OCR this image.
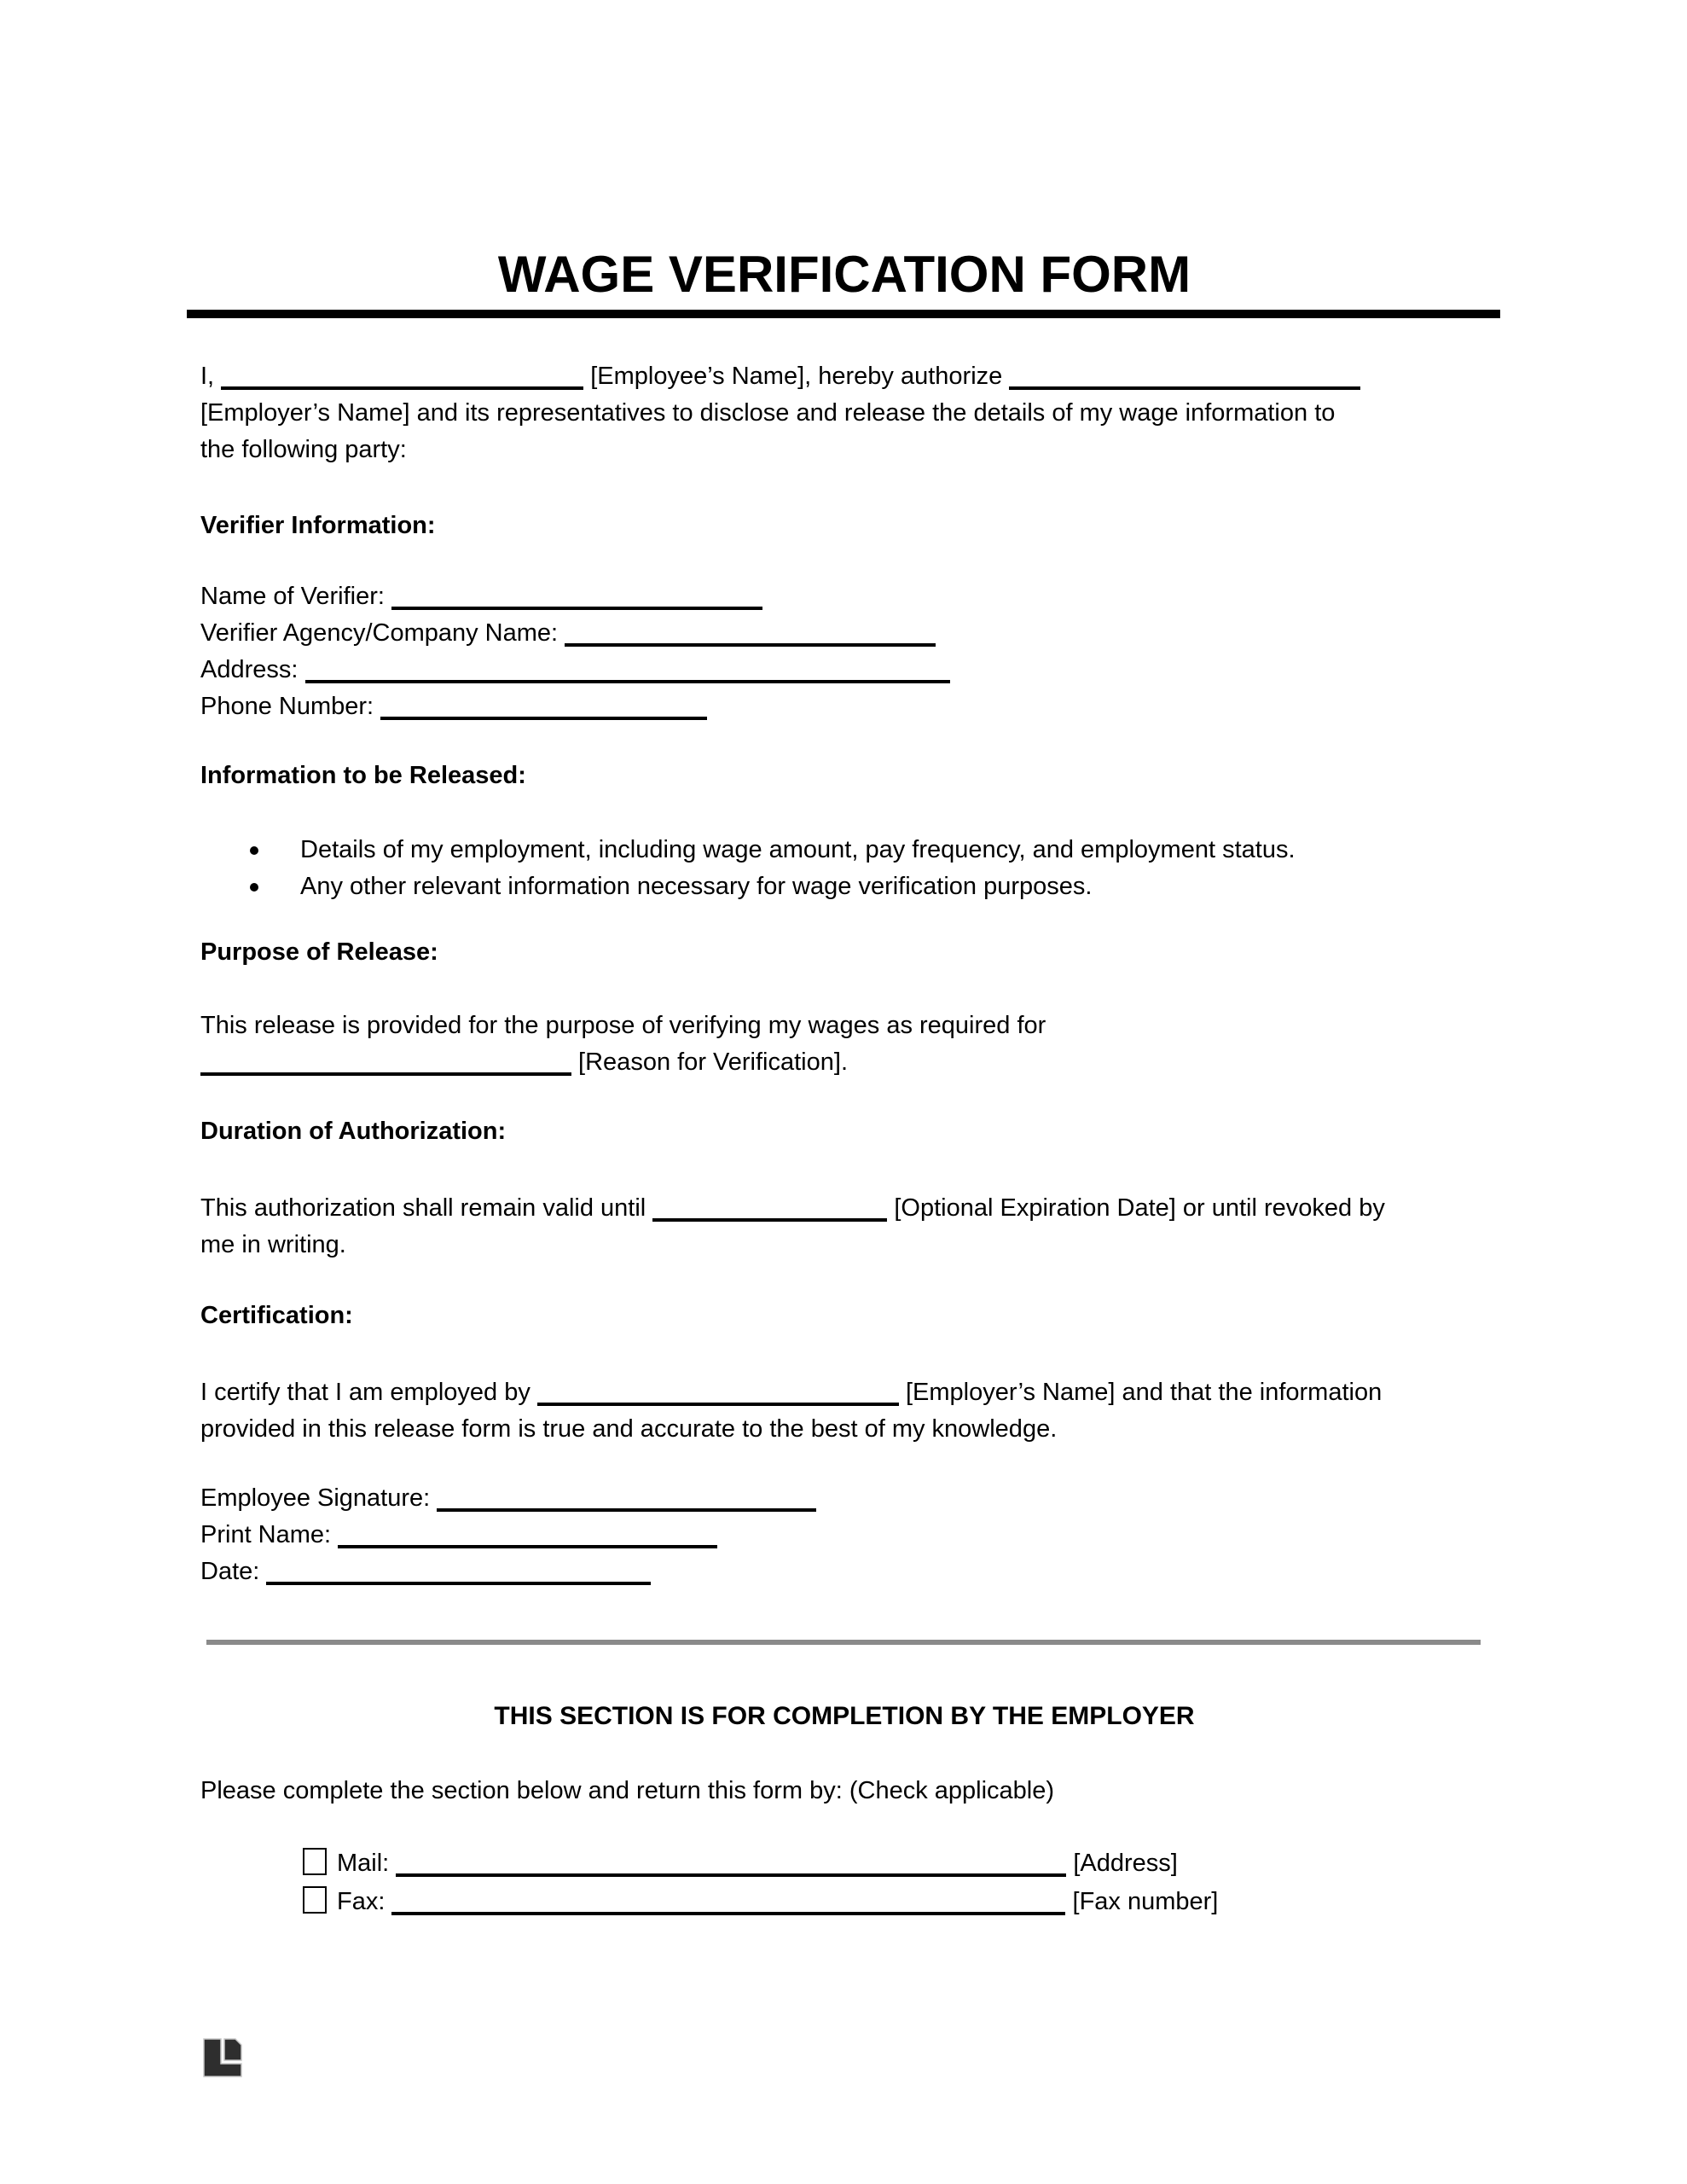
WAGE VERIFICATION FORM

I,	[Employee’s Name], hereby authorize
[Employer’s Name] and its representatives to disclose and release the details of my wage information to
the following party:

Verifier Information:
Name of Verifier:
Verifier Agency/Company Name:
Address:
Phone Number:
Information to be Released:
Details of my employment, including wage amount, pay frequency, and employment status.
Any other relevant information necessary for wage verification purposes.
Purpose of Release:

This release is provided for the purpose of verifying my wages as required for
[Reason for Verification].

Duration of Authorization:

This authorization shall remain valid until	[Optional Expiration Date] or until revoked by
me in writing.

Certification:

I certify that I am employed by	[Employer’s Name] and that the information
provided in this release form is true and accurate to the best of my knowledge.

Employee Signature:
Print Name:
Date:
THIS SECTION IS FOR COMPLETION BY THE EMPLOYER

Please complete the section below and return this form by: (Check applicable)

Mail:	[Address]
Fax:	[Fax number]
